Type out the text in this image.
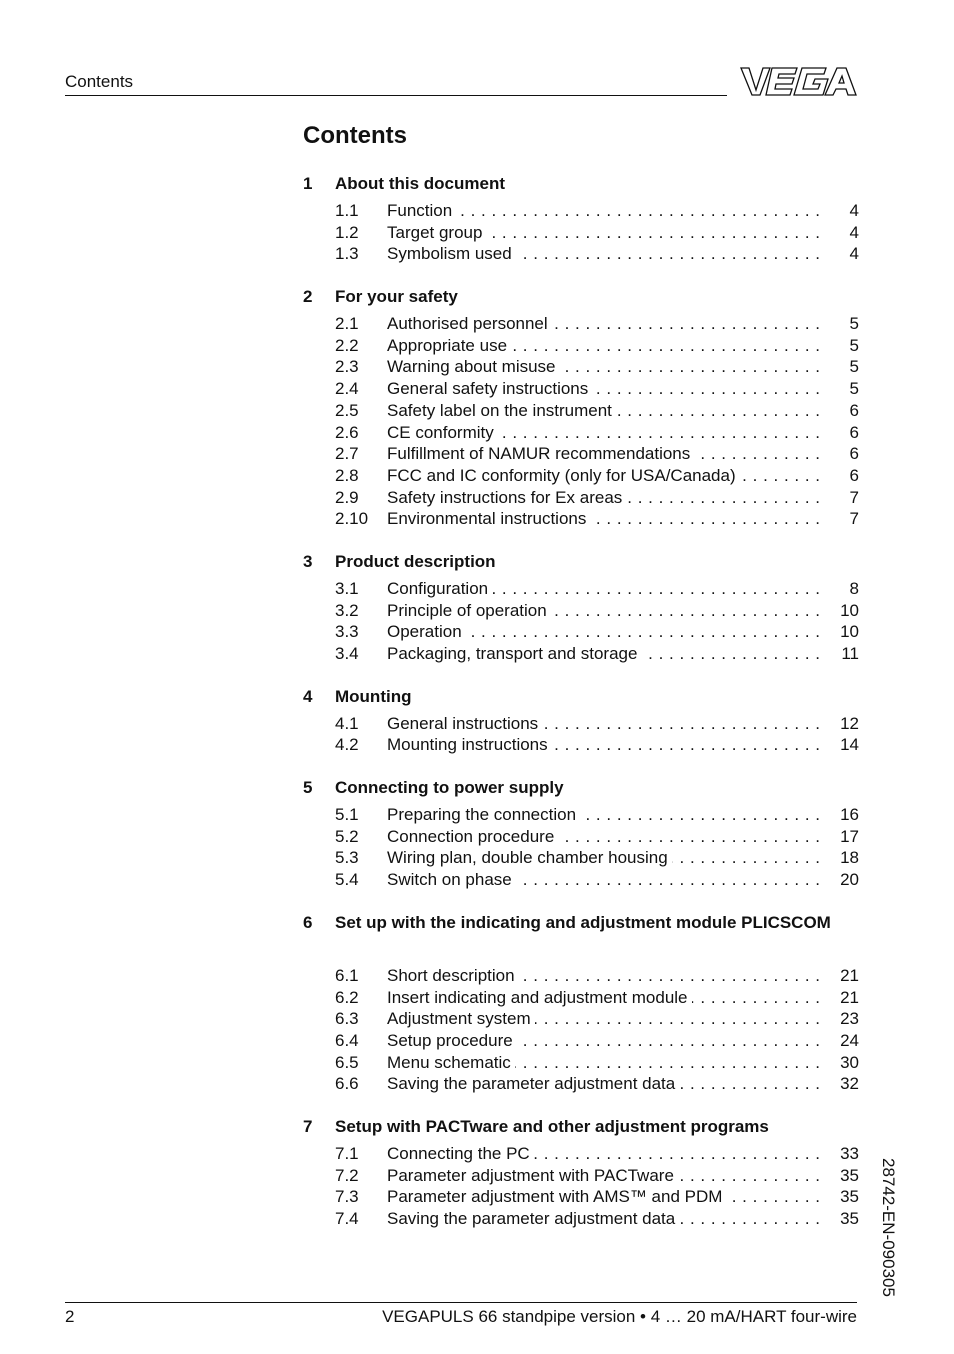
Contents
Contents
1	About this document
1.1	Function . . .	4
1.2	Target group . . .	4
1.3	Symbolism used . . .	4
2	For your safety
2.1	Authorised personnel . . .	5
2.2	Appropriate use . . .	5
2.3	Warning about misuse . . .	5
2.4	General safety instructions . . .	5
2.5	Safety label on the instrument . . .	6
2.6	CE conformity . . .	6
2.7	Fulfillment of NAMUR recommendations . . .	6
2.8	FCC and IC conformity (only for USA/Canada) . . .	6
2.9	Safety instructions for Ex areas . . .	7
2.10	Environmental instructions . . .	7
3	Product description
3.1	Configuration . . .	8
3.2	Principle of operation . . .	10
3.3	Operation . . .	10
3.4	Packaging, transport and storage . . .	11
4	Mounting
4.1	General instructions . . .	12
4.2	Mounting instructions . . .	14
5	Connecting to power supply
5.1	Preparing the connection . . .	16
5.2	Connection procedure . . .	17
5.3	Wiring plan, double chamber housing . . .	18
5.4	Switch on phase . . .	20
6	Set up with the indicating and adjustment module PLICSCOM
6.1	Short description . . .	21
6.2	Insert indicating and adjustment module . . .	21
6.3	Adjustment system . . .	23
6.4	Setup procedure . . .	24
6.5	Menu schematic . . .	30
6.6	Saving the parameter adjustment data . . .	32
7	Setup with PACTware and other adjustment programs
7.1	Connecting the PC . . .	33
7.2	Parameter adjustment with PACTware . . .	35
7.3	Parameter adjustment with AMS™ and PDM . . .	35
7.4	Saving the parameter adjustment data . . .	35 28742-EN-090305
2	VEGAPULS 66 standpipe version • 4 … 20 mA/HART four-wire
